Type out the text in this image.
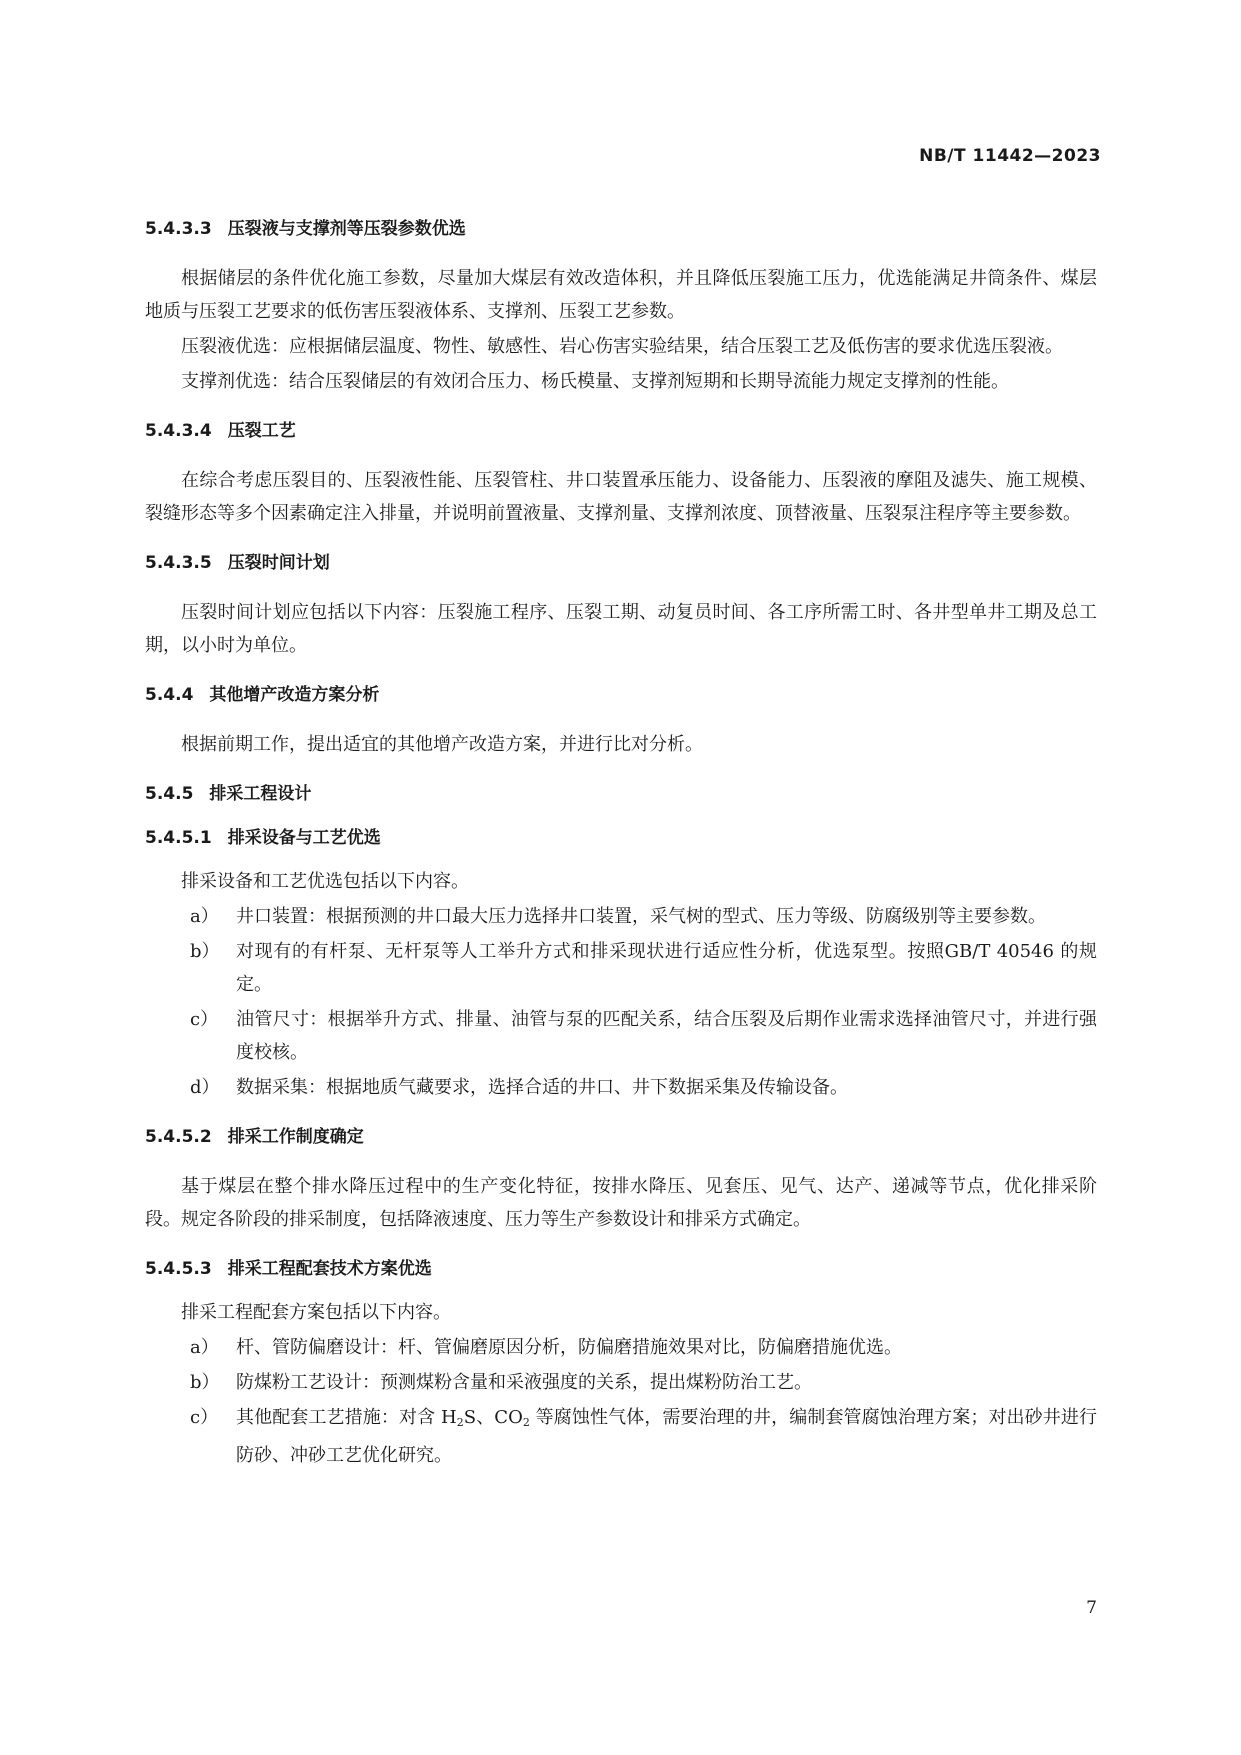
NB/T 11442—2023
5.4.3.3 压裂液与支撑剂等压裂参数优选

根据储层的条件优化施工参数，尽量加大煤层有效改造体积，并且降低压裂施工压力，优选能满足井筒条件、煤层地质与压裂工艺要求的低伤害压裂液体系、支撑剂、压裂工艺参数。

压裂液优选：应根据储层温度、物性、敏感性、岩心伤害实验结果，结合压裂工艺及低伤害的要求优选压裂液。

支撑剂优选：结合压裂储层的有效闭合压力、杨氏模量、支撑剂短期和长期导流能力规定支撑剂的性能。

5.4.3.4 压裂工艺

在综合考虑压裂目的、压裂液性能、压裂管柱、井口装置承压能力、设备能力、压裂液的摩阻及滤失、施工规模、裂缝形态等多个因素确定注入排量，并说明前置液量、支撑剂量、支撑剂浓度、顶替液量、压裂泵注程序等主要参数。

5.4.3.5 压裂时间计划

压裂时间计划应包括以下内容：压裂施工程序、压裂工期、动复员时间、各工序所需工时、各井型单井工期及总工期，以小时为单位。

5.4.4 其他增产改造方案分析

根据前期工作，提出适宜的其他增产改造方案，并进行比对分析。

5.4.5 排采工程设计
5.4.5.1 排采设备与工艺优选

排采设备和工艺优选包括以下内容。

a） 井口装置：根据预测的井口最大压力选择井口装置，采气树的型式、压力等级、防腐级别等主要参数。
b） 对现有的有杆泵、无杆泵等人工举升方式和排采现状进行适应性分析，优选泵型。按照GB/T 40546 的规定。
c） 油管尺寸：根据举升方式、排量、油管与泵的匹配关系，结合压裂及后期作业需求选择油管尺寸，并进行强度校核。
d） 数据采集：根据地质气藏要求，选择合适的井口、井下数据采集及传输设备。
5.4.5.2 排采工作制度确定

基于煤层在整个排水降压过程中的生产变化特征，按排水降压、见套压、见气、达产、递减等节点，优化排采阶段。规定各阶段的排采制度，包括降液速度、压力等生产参数设计和排采方式确定。

5.4.5.3 排采工程配套技术方案优选

排采工程配套方案包括以下内容。

a） 杆、管防偏磨设计：杆、管偏磨原因分析，防偏磨措施效果对比，防偏磨措施优选。
b） 防煤粉工艺设计：预测煤粉含量和采液强度的关系，提出煤粉防治工艺。
c） 其他配套工艺措施：对含 $H_2S$、$CO_2$ 等腐蚀性气体，需要治理的井，编制套管腐蚀治理方案；对出砂井进行防砂、冲砂工艺优化研究。
7
